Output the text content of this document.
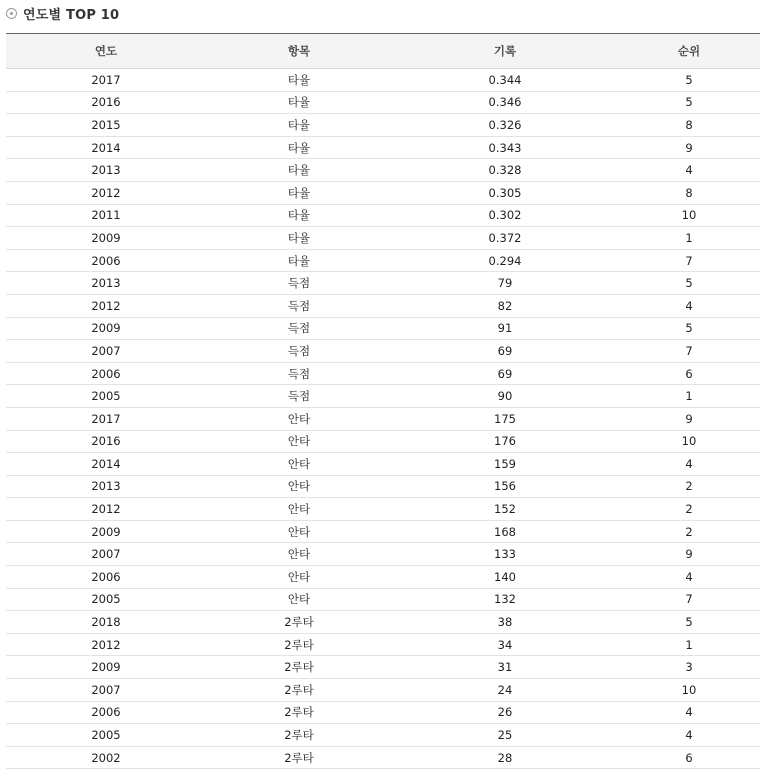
연도별 TOP 10
연도	항목	기록	순위
2017	타율	0.344	5
2016	타율	0.346	5
2015	타율	0.326	8
2014	타율	0.343	9
2013	타율	0.328	4
2012	타율	0.305	8
2011	타율	0.302	10
2009	타율	0.372	1
2006	타율	0.294	7
2013	득점	79	5
2012	득점	82	4
2009	득점	91	5
2007	득점	69	7
2006	득점	69	6
2005	득점	90	1
2017	안타	175	9
2016	안타	176	10
2014	안타	159	4
2013	안타	156	2
2012	안타	152	2
2009	안타	168	2
2007	안타	133	9
2006	안타	140	4
2005	안타	132	7
2018	2루타	38	5
2012	2루타	34	1
2009	2루타	31	3
2007	2루타	24	10
2006	2루타	26	4
2005	2루타	25	4
2002	2루타	28	6
